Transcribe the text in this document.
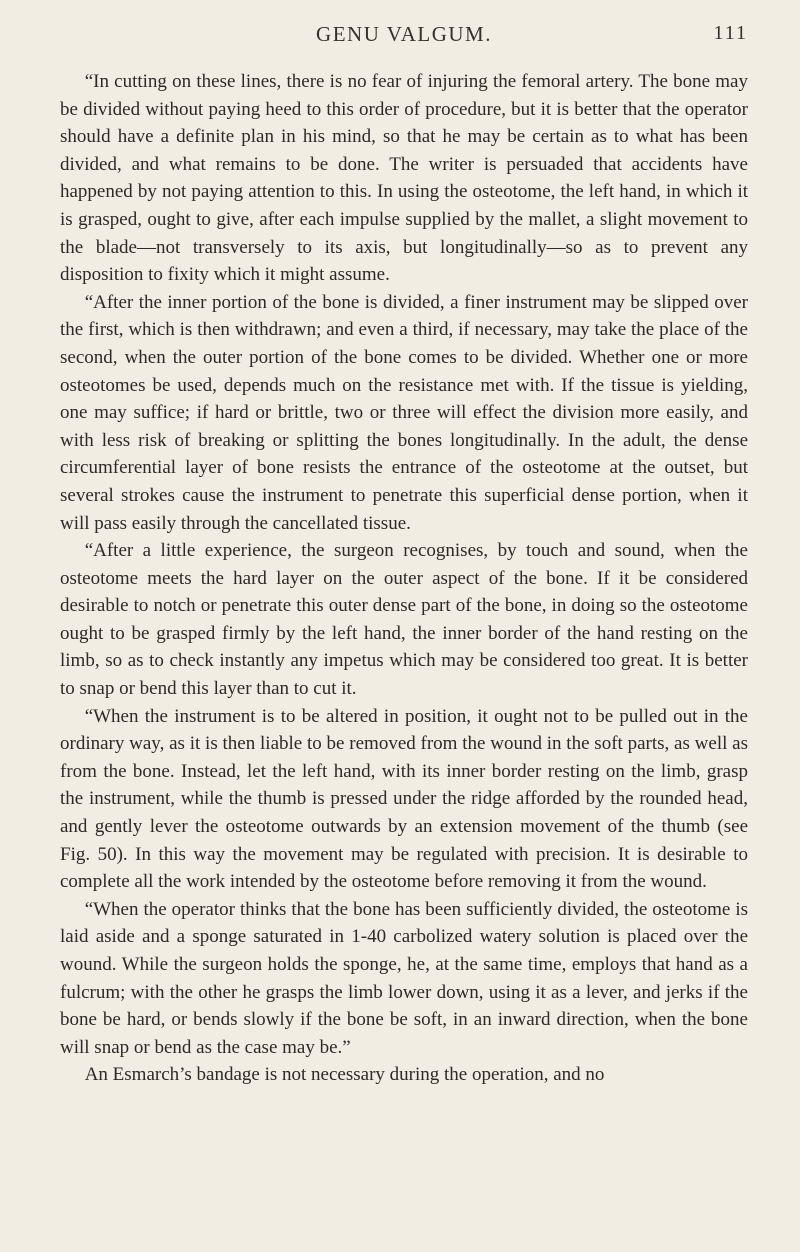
GENU VALGUM.	111

“In cutting on these lines, there is no fear of injuring the femoral artery. The bone may be divided without paying heed to this order of procedure, but it is better that the operator should have a definite plan in his mind, so that he may be certain as to what has been divided, and what remains to be done. The writer is persuaded that accidents have happened by not paying attention to this. In using the osteotome, the left hand, in which it is grasped, ought to give, after each impulse supplied by the mallet, a slight movement to the blade—not transversely to its axis, but longitudinally—so as to prevent any disposition to fixity which it might assume.

“After the inner portion of the bone is divided, a finer instrument may be slipped over the first, which is then withdrawn; and even a third, if necessary, may take the place of the second, when the outer portion of the bone comes to be divided. Whether one or more osteotomes be used, depends much on the resistance met with. If the tissue is yielding, one may suffice; if hard or brittle, two or three will effect the division more easily, and with less risk of breaking or splitting the bones longitudinally. In the adult, the dense circumferential layer of bone resists the entrance of the osteotome at the outset, but several strokes cause the instrument to penetrate this superficial dense portion, when it will pass easily through the cancellated tissue.

“After a little experience, the surgeon recognises, by touch and sound, when the osteotome meets the hard layer on the outer aspect of the bone. If it be considered desirable to notch or penetrate this outer dense part of the bone, in doing so the osteotome ought to be grasped firmly by the left hand, the inner border of the hand resting on the limb, so as to check instantly any impetus which may be considered too great. It is better to snap or bend this layer than to cut it.

“When the instrument is to be altered in position, it ought not to be pulled out in the ordinary way, as it is then liable to be removed from the wound in the soft parts, as well as from the bone. Instead, let the left hand, with its inner border resting on the limb, grasp the instrument, while the thumb is pressed under the ridge afforded by the rounded head, and gently lever the osteotome outwards by an extension movement of the thumb (see Fig. 50). In this way the movement may be regulated with precision. It is desirable to complete all the work intended by the osteotome before removing it from the wound.

“When the operator thinks that the bone has been sufficiently divided, the osteotome is laid aside and a sponge saturated in 1-40 carbolized watery solution is placed over the wound. While the surgeon holds the sponge, he, at the same time, employs that hand as a fulcrum; with the other he grasps the limb lower down, using it as a lever, and jerks if the bone be hard, or bends slowly if the bone be soft, in an inward direction, when the bone will snap or bend as the case may be.”

An Esmarch’s bandage is not necessary during the operation, and no
